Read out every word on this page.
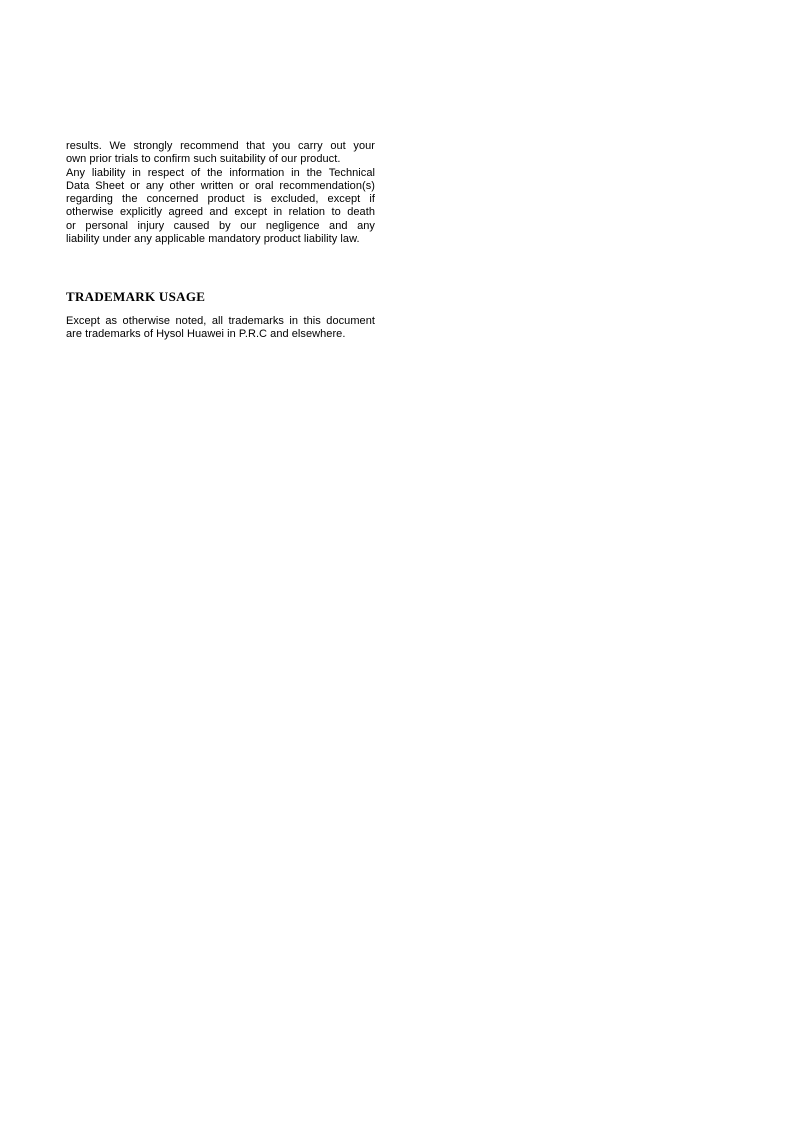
results. We strongly recommend that you carry out your
own prior trials to confirm such suitability of our product.
Any liability in respect of the information in the Technical
Data Sheet or any other written or oral recommendation(s)
regarding the concerned product is excluded, except if
otherwise explicitly agreed and except in relation to death
or personal injury caused by our negligence and any
liability under any applicable mandatory product liability law.
TRADEMARK USAGE
Except as otherwise noted, all trademarks in this document
are trademarks of Hysol Huawei in P.R.C and elsewhere.
